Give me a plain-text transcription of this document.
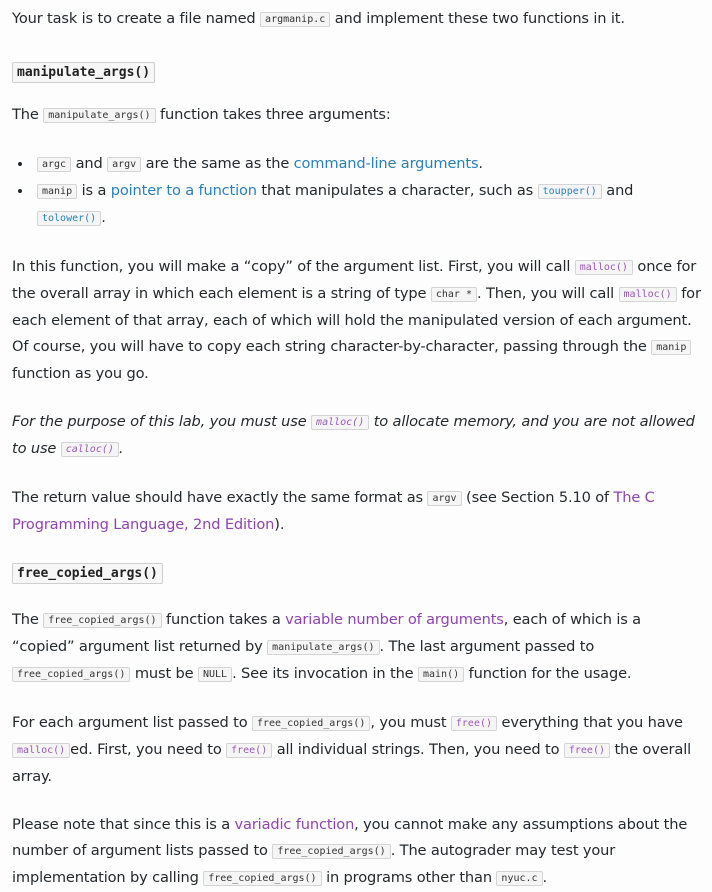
Your task is to create a file named argmanip.c and implement these two functions in it.

manipulate_args()

The manipulate_args() function takes three arguments:

• argc and argv are the same as the command-line arguments.
• manip is a pointer to a function that manipulates a character, such as toupper() and tolower() .

In this function, you will make a “copy” of the argument list. First, you will call malloc() once for the overall array in which each element is a string of type char * . Then, you will call malloc() for each element of that array, each of which will hold the manipulated version of each argument. Of course, you will have to copy each string character-by-character, passing through the manip function as you go.

For the purpose of this lab, you must use malloc() to allocate memory, and you are not allowed to use calloc() .

The return value should have exactly the same format as argv (see Section 5.10 of The C Programming Language, 2nd Edition).

free_copied_args()

The free_copied_args() function takes a variable number of arguments, each of which is a “copied” argument list returned by manipulate_args() . The last argument passed to free_copied_args() must be NULL . See its invocation in the main() function for the usage.

For each argument list passed to free_copied_args() , you must free() everything that you have malloc() ed. First, you need to free() all individual strings. Then, you need to free() the overall array.

Please note that since this is a variadic function, you cannot make any assumptions about the number of argument lists passed to free_copied_args() . The autograder may test your implementation by calling free_copied_args() in programs other than nyuc.c .
